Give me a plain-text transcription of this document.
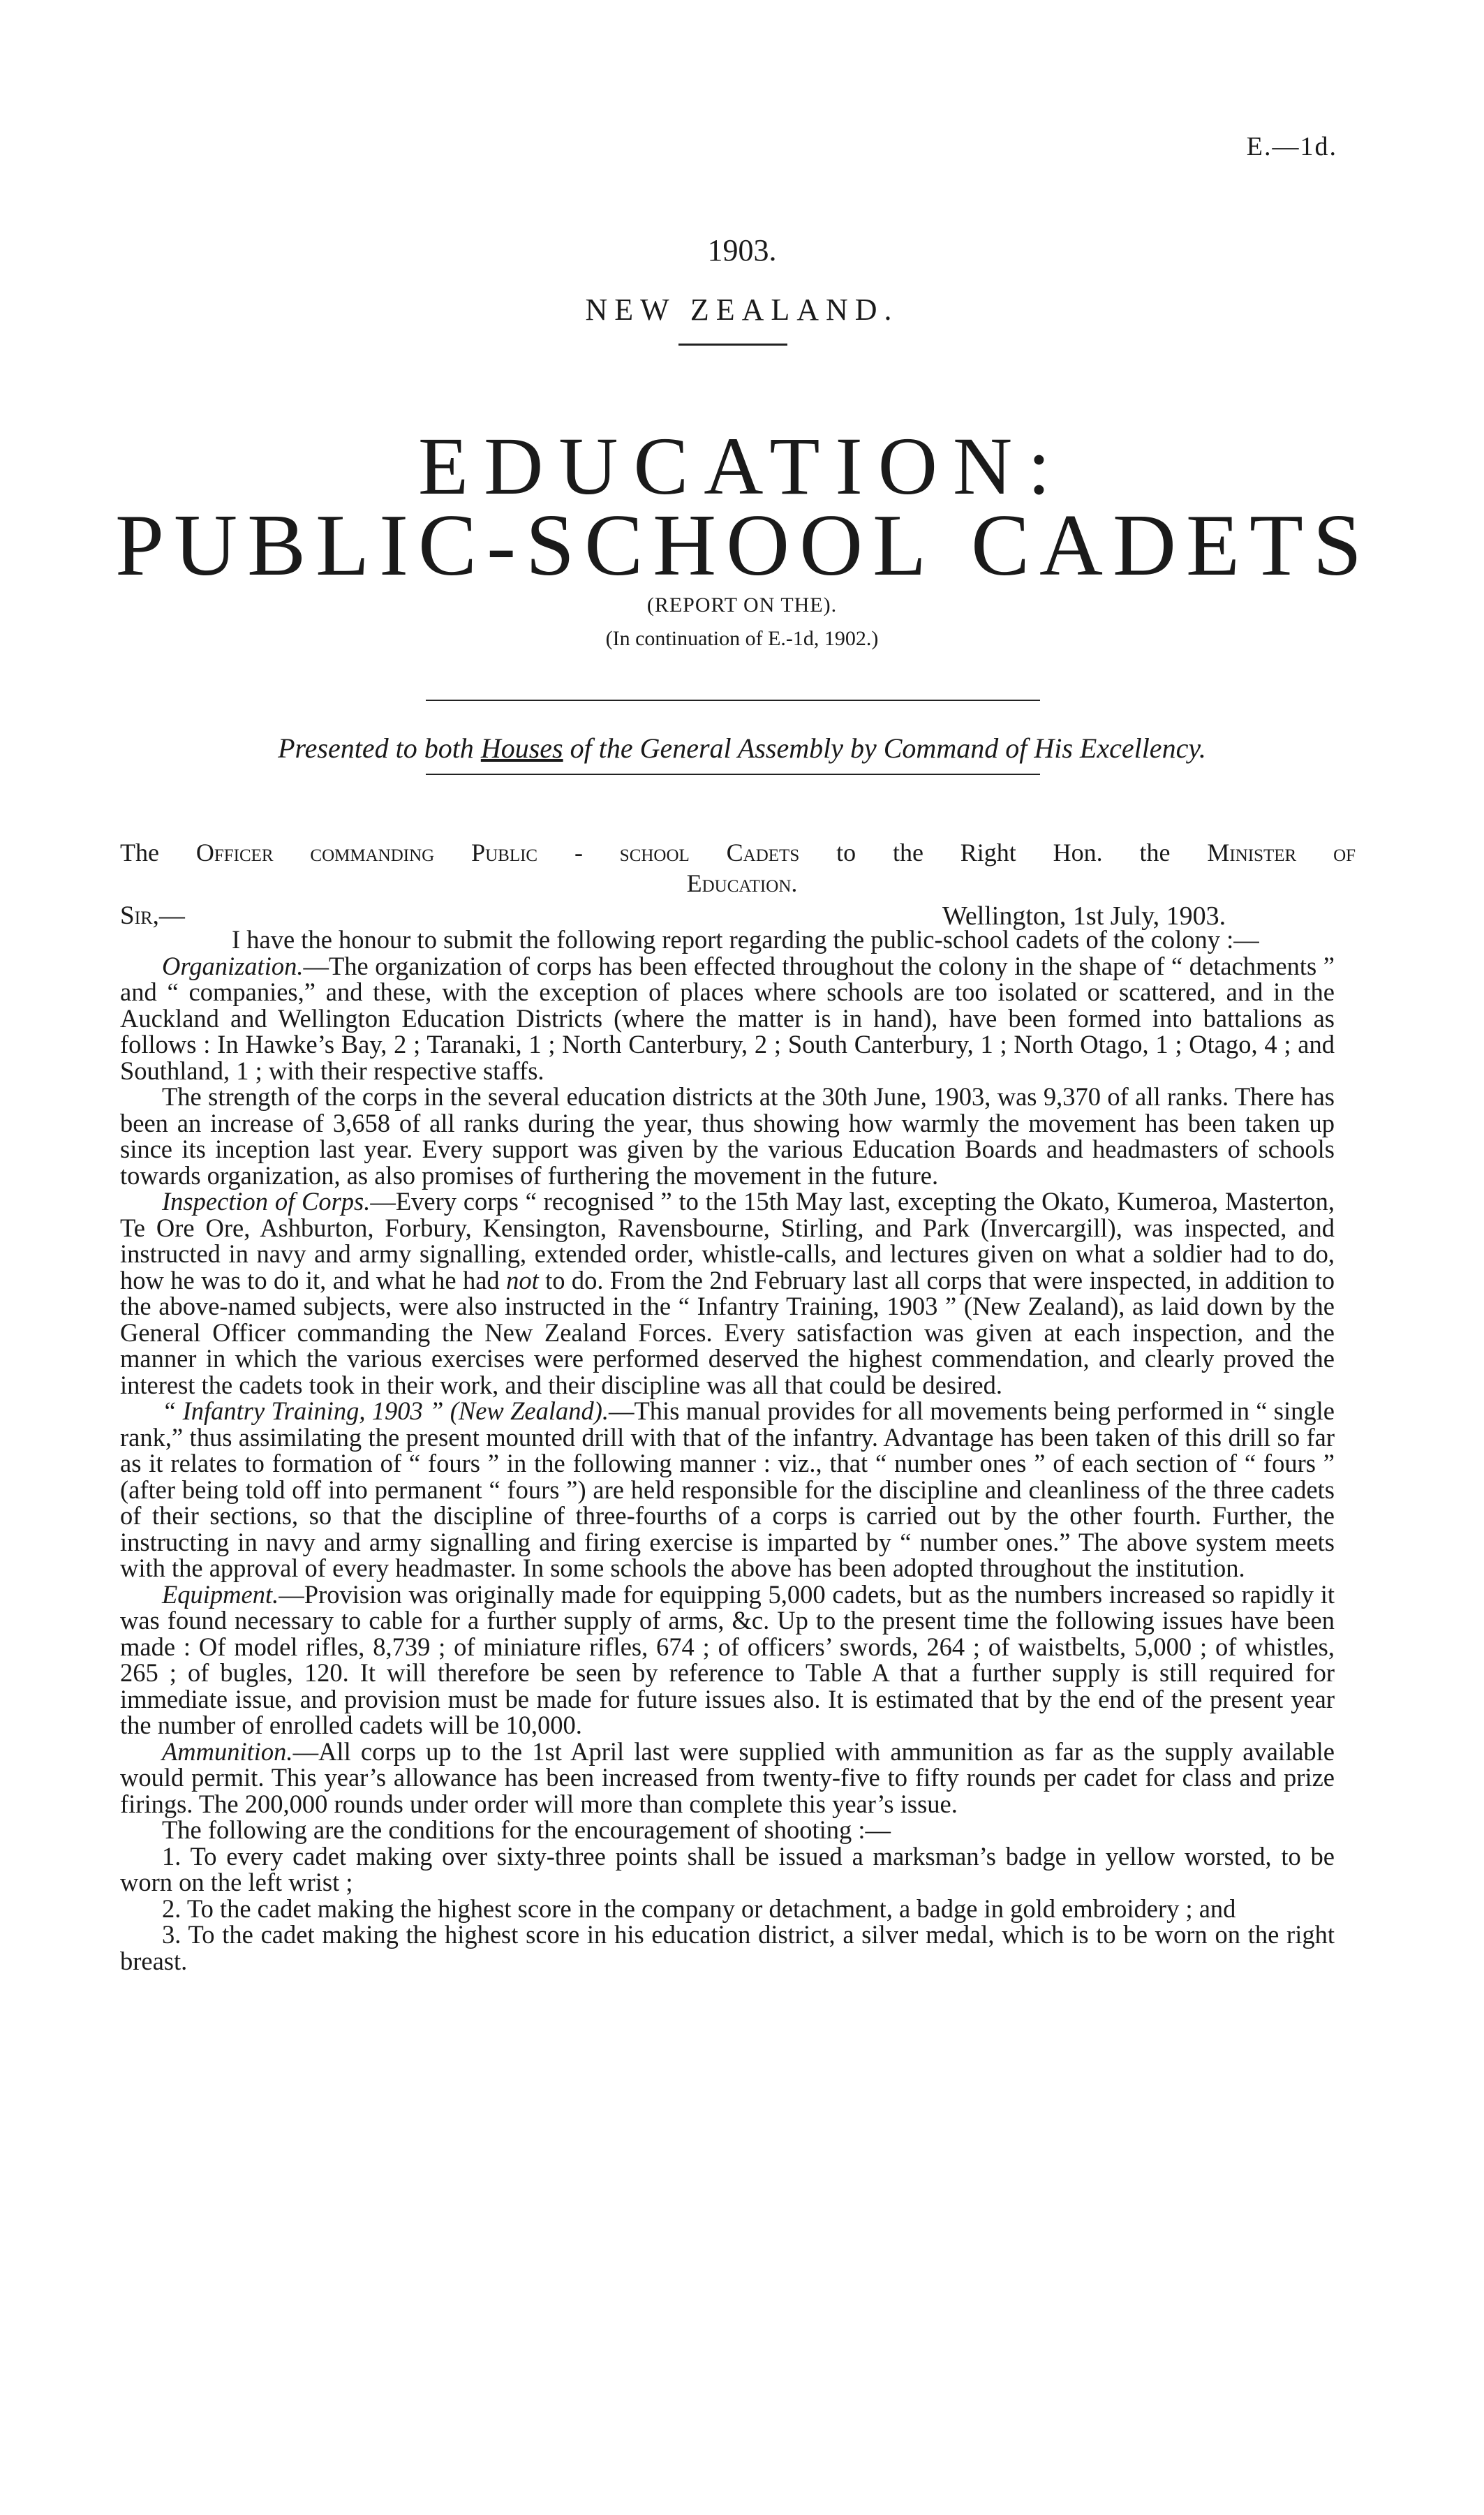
E.—1d.
1903.
NEW ZEALAND.
EDUCATION:
PUBLIC-SCHOOL CADETS
(REPORT ON THE).
(In continuation of E.-1d, 1902.)
Presented to both Houses of the General Assembly by Command of His Excellency.
The Officer commanding Public - school Cadets to the Right Hon. the Minister of
Education.
Sir,—	Wellington, 1st July, 1903.

I have the honour to submit the following report regarding the public-school cadets of the colony :—

Organization.—The organization of corps has been effected throughout the colony in the shape of “ detachments ” and “ companies,” and these, with the exception of places where schools are too isolated or scattered, and in the Auckland and Wellington Education Districts (where the matter is in hand), have been formed into battalions as follows : In Hawke’s Bay, 2 ; Taranaki, 1 ; North Canterbury, 2 ; South Canterbury, 1 ; North Otago, 1 ; Otago, 4 ; and Southland, 1 ; with their respective staffs.

The strength of the corps in the several education districts at the 30th June, 1903, was 9,370 of all ranks. There has been an increase of 3,658 of all ranks during the year, thus showing how warmly the movement has been taken up since its inception last year. Every support was given by the various Education Boards and headmasters of schools towards organization, as also promises of furthering the movement in the future.

Inspection of Corps.—Every corps “ recognised ” to the 15th May last, excepting the Okato, Kumeroa, Masterton, Te Ore Ore, Ashburton, Forbury, Kensington, Ravensbourne, Stirling, and Park (Invercargill), was inspected, and instructed in navy and army signalling, extended order, whistle-calls, and lectures given on what a soldier had to do, how he was to do it, and what he had not to do. From the 2nd February last all corps that were inspected, in addition to the above-named subjects, were also instructed in the “ Infantry Training, 1903 ” (New Zealand), as laid down by the General Officer commanding the New Zealand Forces. Every satisfaction was given at each inspection, and the manner in which the various exercises were performed deserved the highest commendation, and clearly proved the interest the cadets took in their work, and their discipline was all that could be desired.

“ Infantry Training, 1903 ” (New Zealand).—This manual provides for all movements being performed in “ single rank,” thus assimilating the present mounted drill with that of the infantry. Advantage has been taken of this drill so far as it relates to formation of “ fours ” in the following manner : viz., that “ number ones ” of each section of “ fours ” (after being told off into permanent “ fours ”) are held responsible for the discipline and cleanliness of the three cadets of their sections, so that the discipline of three-fourths of a corps is carried out by the other fourth. Further, the instructing in navy and army signalling and firing exercise is imparted by “ number ones.” The above system meets with the approval of every headmaster. In some schools the above has been adopted throughout the institution.

Equipment.—Provision was originally made for equipping 5,000 cadets, but as the numbers increased so rapidly it was found necessary to cable for a further supply of arms, &c. Up to the present time the following issues have been made : Of model rifles, 8,739 ; of miniature rifles, 674 ; of officers’ swords, 264 ; of waistbelts, 5,000 ; of whistles, 265 ; of bugles, 120. It will therefore be seen by reference to Table A that a further supply is still required for immediate issue, and provision must be made for future issues also. It is estimated that by the end of the present year the number of enrolled cadets will be 10,000.

Ammunition.—All corps up to the 1st April last were supplied with ammunition as far as the supply available would permit. This year’s allowance has been increased from twenty-five to fifty rounds per cadet for class and prize firings. The 200,000 rounds under order will more than complete this year’s issue.

The following are the conditions for the encouragement of shooting :—

1. To every cadet making over sixty-three points shall be issued a marksman’s badge in yellow worsted, to be worn on the left wrist ;

2. To the cadet making the highest score in the company or detachment, a badge in gold embroidery ; and

3. To the cadet making the highest score in his education district, a silver medal, which is to be worn on the right breast.
